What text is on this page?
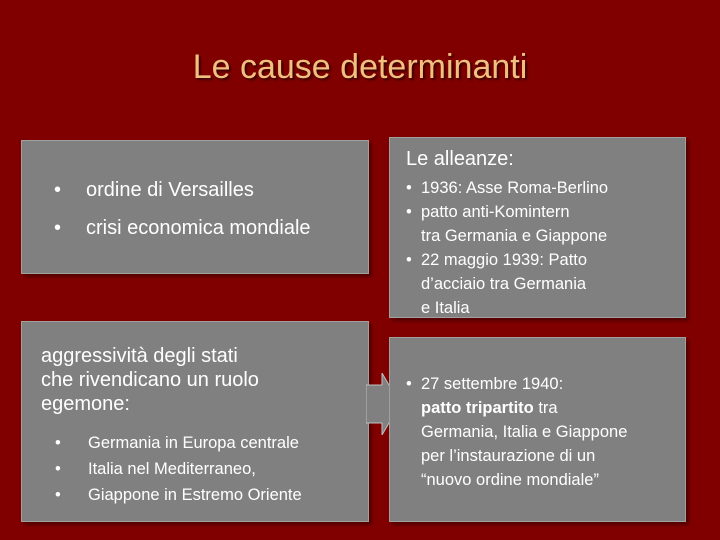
Le cause determinanti
• ordine di Versailles
• crisi economica mondiale
Le alleanze:
• 1936: Asse Roma-Berlino
• patto anti-Komintern
tra Germania e Giappone
• 22 maggio 1939: Patto
d’acciaio tra Germania
e Italia
aggressività degli stati
che rivendicano un ruolo
egemone:
• Germania in Europa centrale
• Italia nel Mediterraneo,
• Giappone in Estremo Oriente
• 27 settembre 1940:
patto tripartito tra
Germania, Italia e Giappone
per l’instaurazione di un
“nuovo ordine mondiale”
